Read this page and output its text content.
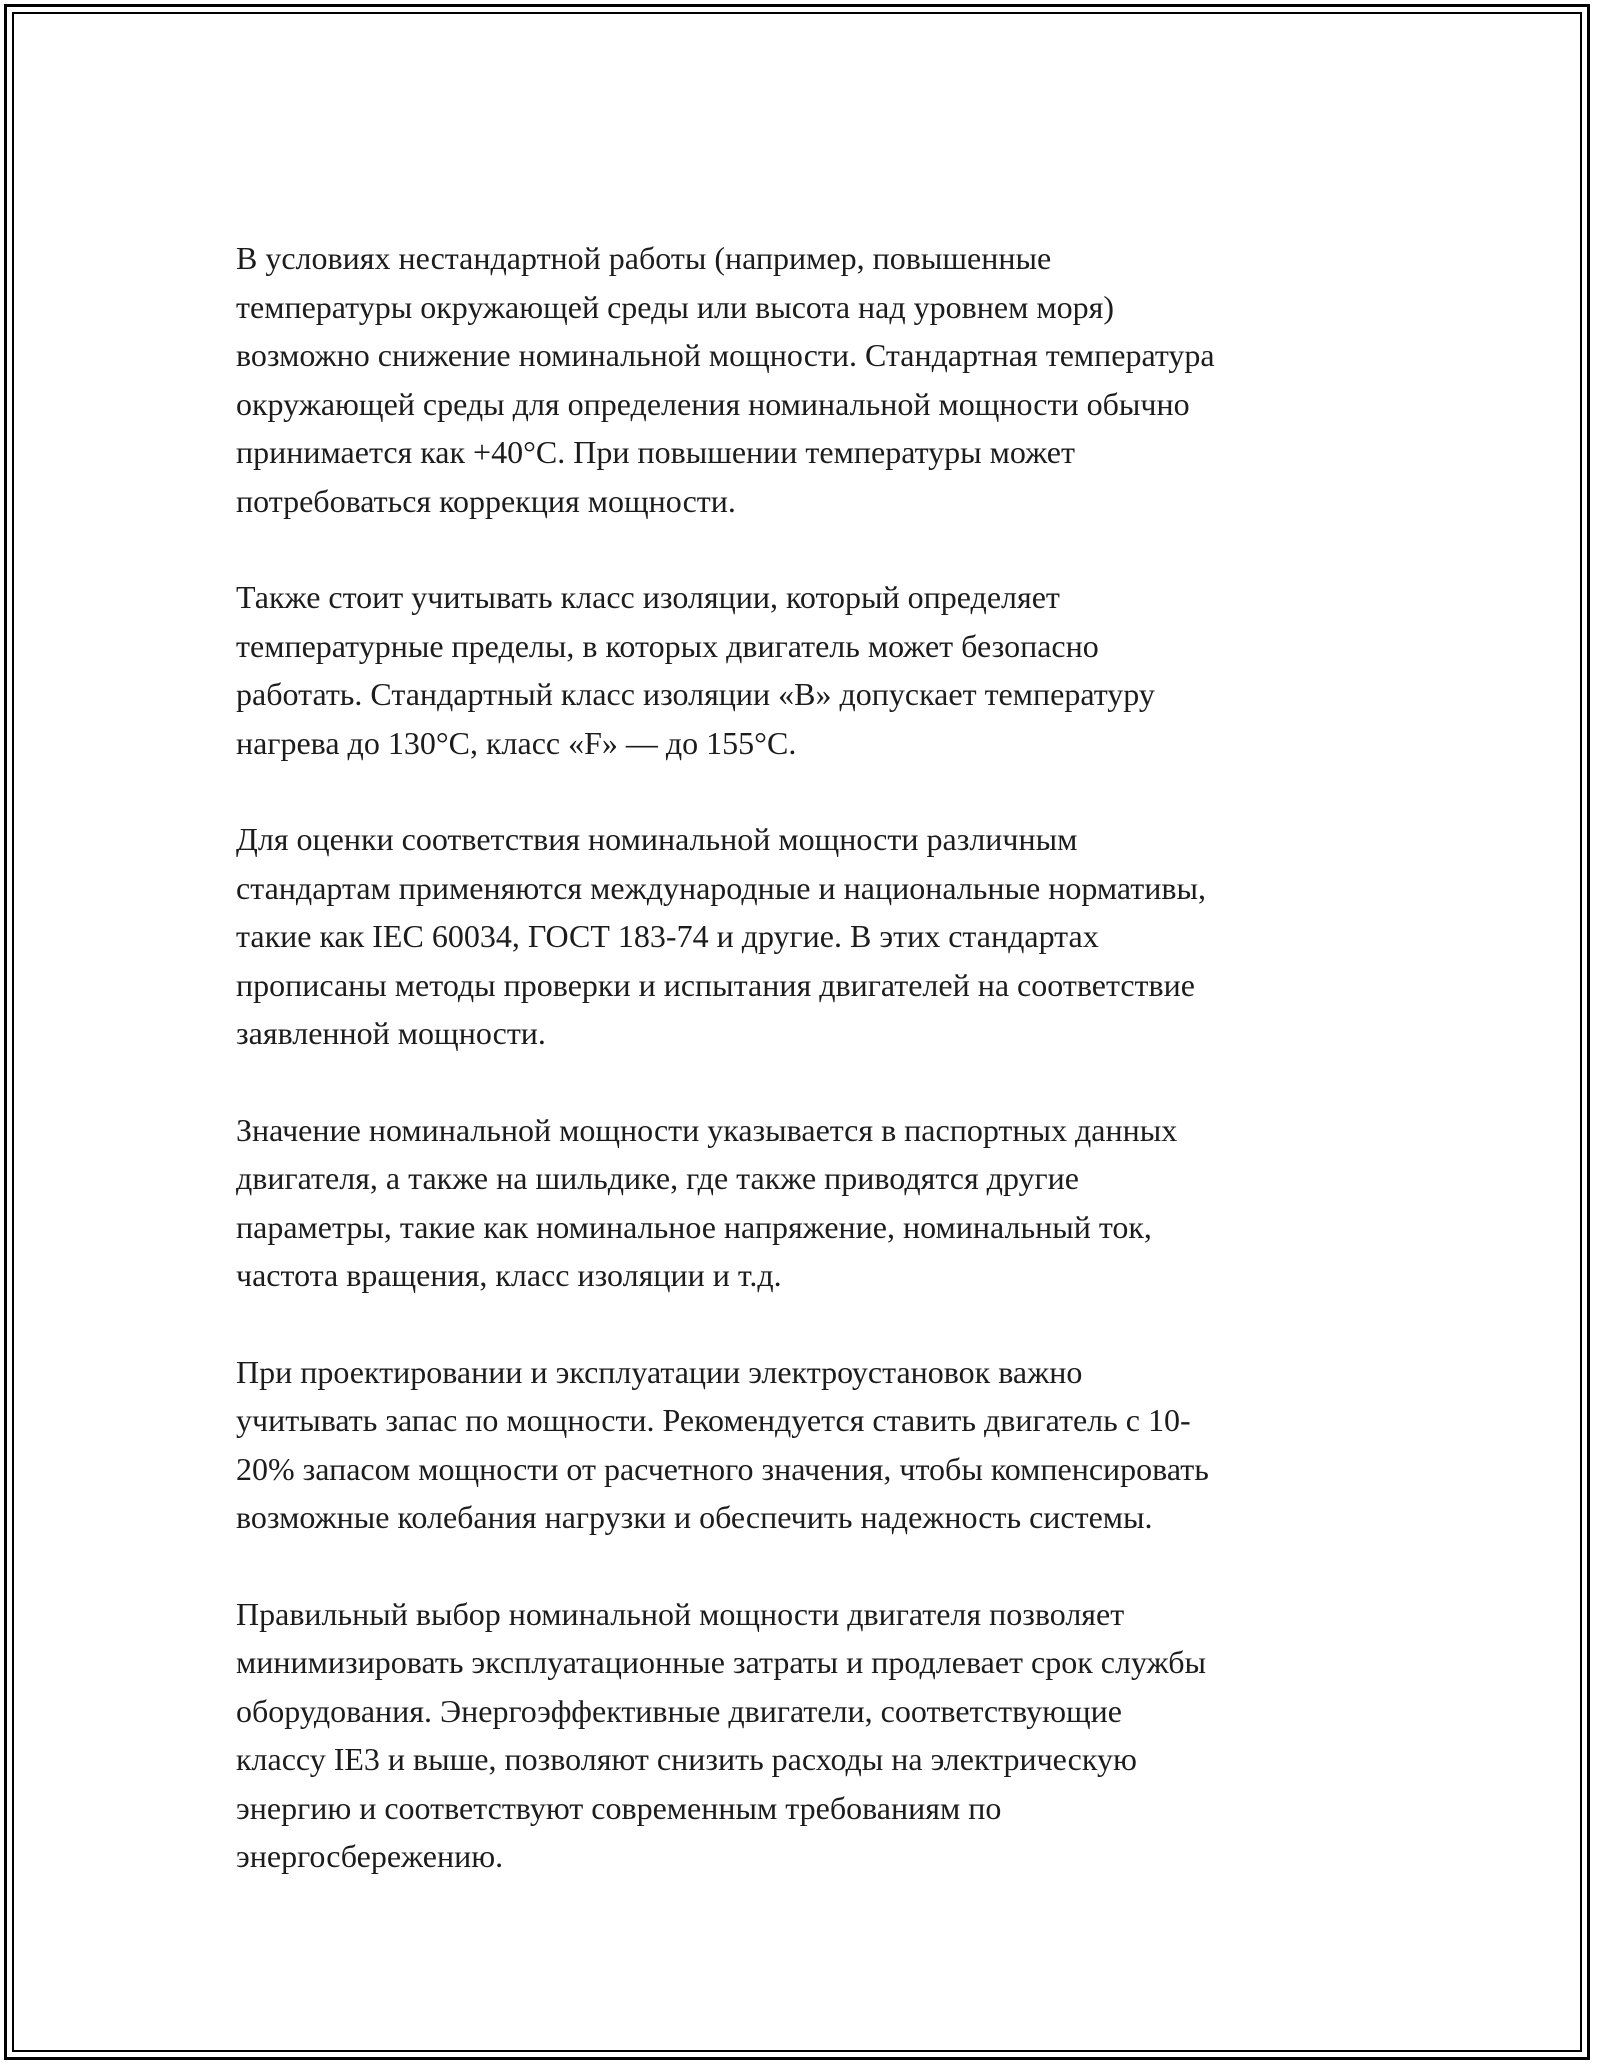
В условиях нестандартной работы (например, повышенные
температуры окружающей среды или высота над уровнем моря)
возможно снижение номинальной мощности. Стандартная температура
окружающей среды для определения номинальной мощности обычно
принимается как +40°C. При повышении температуры может
потребоваться коррекция мощности.

Также стоит учитывать класс изоляции, который определяет
температурные пределы, в которых двигатель может безопасно
работать. Стандартный класс изоляции «B» допускает температуру
нагрева до 130°C, класс «F» — до 155°C.

Для оценки соответствия номинальной мощности различным
стандартам применяются международные и национальные нормативы,
такие как IEC 60034, ГОСТ 183-74 и другие. В этих стандартах
прописаны методы проверки и испытания двигателей на соответствие
заявленной мощности.

Значение номинальной мощности указывается в паспортных данных
двигателя, а также на шильдике, где также приводятся другие
параметры, такие как номинальное напряжение, номинальный ток,
частота вращения, класс изоляции и т.д.

При проектировании и эксплуатации электроустановок важно
учитывать запас по мощности. Рекомендуется ставить двигатель с 10-
20% запасом мощности от расчетного значения, чтобы компенсировать
возможные колебания нагрузки и обеспечить надежность системы.

Правильный выбор номинальной мощности двигателя позволяет
минимизировать эксплуатационные затраты и продлевает срок службы
оборудования. Энергоэффективные двигатели, соответствующие
классу IE3 и выше, позволяют снизить расходы на электрическую
энергию и соответствуют современным требованиям по
энергосбережению.
